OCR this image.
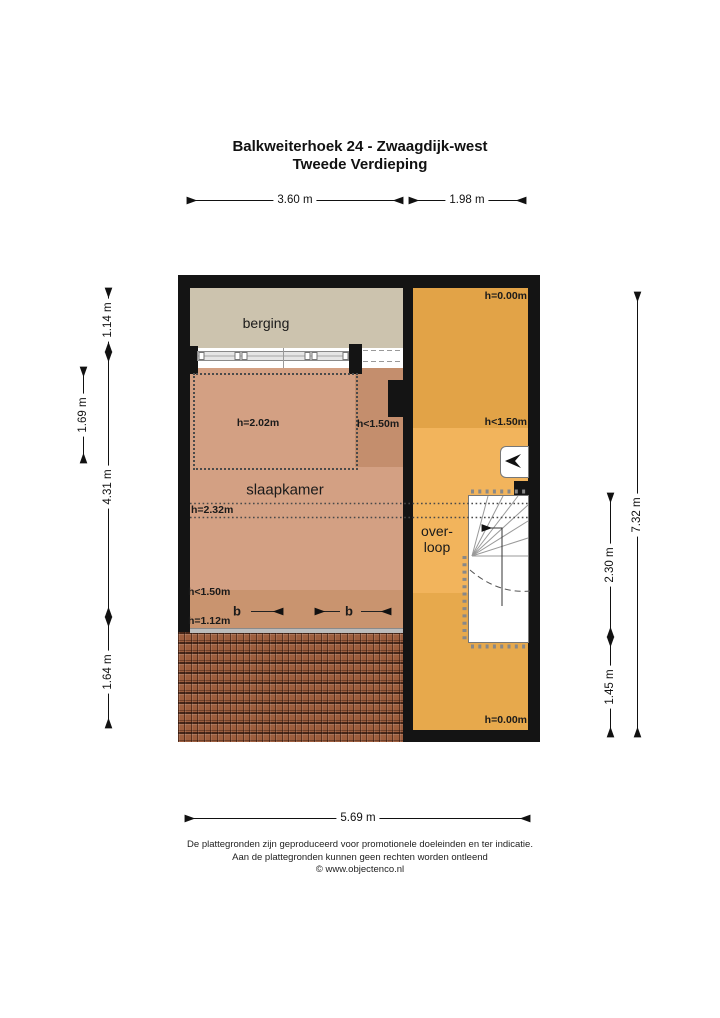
Balkweiterhoek 24 - Zwaagdijk-west
Tweede Verdieping
berging
slaapkamer
over-
loop
h=2.02m	h<1.50m
h=2.32m
h<1.50m
h=1.12m
h=0.00m
h<1.50m
h=0.00m
b	b
3.60 m	1.98 m
1.14 m
4.31 m
1.64 m
1.69 m
2.30 m
1.45 m
7.32 m
5.69 m
De plattegronden zijn geproduceerd voor promotionele doeleinden en ter indicatie.
Aan de plattegronden kunnen geen rechten worden ontleend
© www.objectenco.nl
